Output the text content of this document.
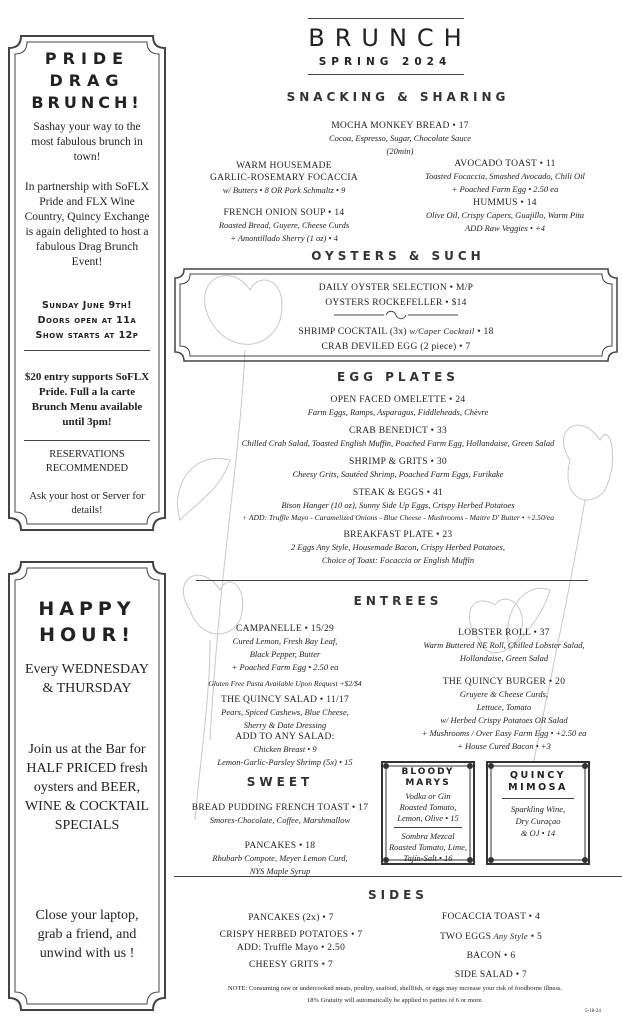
PRIDE
DRAG
BRUNCH!
Sashay your way to the most fabulous brunch in town!
In partnership with SoFLX Pride and FLX Wine Country, Quincy Exchange is again delighted to host a fabulous Drag Brunch Event!
Sunday June 9th!
Doors open at 11a
Show starts at 12p
$20 entry supports SoFLX Pride. Full a la carte Brunch Menu available until 3pm!
RESERVATIONS RECOMMENDED
Ask your host or Server for details!
HAPPY
HOUR!
Every WEDNESDAY & THURSDAY
Join us at the Bar for HALF PRICED fresh oysters and BEER, WINE & COCKTAIL SPECIALS
Close your laptop, grab a friend, and unwind with us !
BRUNCH
SPRING 2024
SNACKING & SHARING
MOCHA MONKEY BREAD • 17
Cocoa, Espresso, Sugar, Chocolate Sauce
(20min)
WARM HOUSEMADE
GARLIC-ROSEMARY FOCACCIA
w/ Butters • 8 OR Pork Schmaltz • 9
AVOCADO TOAST • 11
Toasted Focaccia, Smashed Avocado, Chili Oil
+ Poached Farm Egg • 2.50 ea
FRENCH ONION SOUP • 14
Roasted Bread, Guyere, Cheese Curds
+ Amontillado Sherry (1 oz) • 4
HUMMUS • 14
Olive Oil, Crispy Capers, Guajillo, Warm Pita
ADD Raw Veggies • +4
OYSTERS & SUCH
DAILY OYSTER SELECTION • M/P
OYSTERS ROCKEFELLER • $14
SHRIMP COCKTAIL (3x) w/Caper Cocktail • 18
CRAB DEVILED EGG (2 piece) • 7
EGG PLATES
OPEN FACED OMELETTE • 24
Farm Eggs, Ramps, Asparagus, Fiddleheads, Chèvre
CRAB BENEDICT • 33
Chilled Crab Salad, Toasted English Muffin, Poached Farm Egg, Hollandaise, Green Salad
SHRIMP & GRITS • 30
Cheesy Grits, Sautéed Shrimp, Poached Farm Eggs, Furikake
STEAK & EGGS • 41
Bison Hanger (10 oz), Sunny Side Up Eggs, Crispy Herbed Potatoes
+ ADD: Truffle Mayo - Caramelized Onions - Blue Cheese - Mushrooms - Maitre D' Butter • +2.50/ea
BREAKFAST PLATE • 23
2 Eggs Any Style, Housemade Bacon, Crispy Herbed Potatoes,
Choice of Toast: Focaccia or English Muffin
ENTREES
CAMPANELLE • 15/29
Cured Lemon, Fresh Bay Leaf,
Black Pepper, Butter
+ Poached Farm Egg • 2.50 ea
Gluten Free Pasta Available Upon Request +$2/$4
THE QUINCY SALAD • 11/17
Pears, Spiced Cashews, Blue Cheese,
Sherry & Date Dressing
ADD TO ANY SALAD:
Chicken Breast • 9
Lemon-Garlic-Parsley Shrimp (5x) • 15
LOBSTER ROLL • 37
Warm Buttered NE Roll, Chilled Lobster Salad,
Hollandaise, Green Salad
THE QUINCY BURGER • 20
Gruyere & Cheese Curds,
Lettuce, Tomato
w/ Herbed Crispy Potatoes OR Salad
+ Mushrooms / Over Easy Farm Egg • +2.50 ea
+ House Cured Bacon • +3
SWEET
BREAD PUDDING FRENCH TOAST • 17
Smores-Chocolate, Coffee, Marshmallow
PANCAKES • 18
Rhubarb Compote, Meyer Lemon Curd,
NYS Maple Syrup
BLOODY
MARYS
Vodka or Gin
Roasted Tomato,
Lemon, Olive • 15
Sombra Mezcal
Roasted Tomato, Lime,
Tajín-Salt • 16
QUINCY
MIMOSA
Sparkling Wine,
Dry Curaçao
& OJ • 14
SIDES
PANCAKES (2x) • 7
CRISPY HERBED POTATOES • 7
ADD: Truffle Mayo • 2.50
CHEESY GRITS • 7
FOCACCIA TOAST • 4
TWO EGGS Any Style • 5
BACON • 6
SIDE SALAD • 7
NOTE: Consuming raw or undercooked meats, poultry, seafood, shellfish, or eggs may increase your risk of foodborne illness.
18% Gratuity will automatically be applied to parties of 6 or more.
5-18-24
